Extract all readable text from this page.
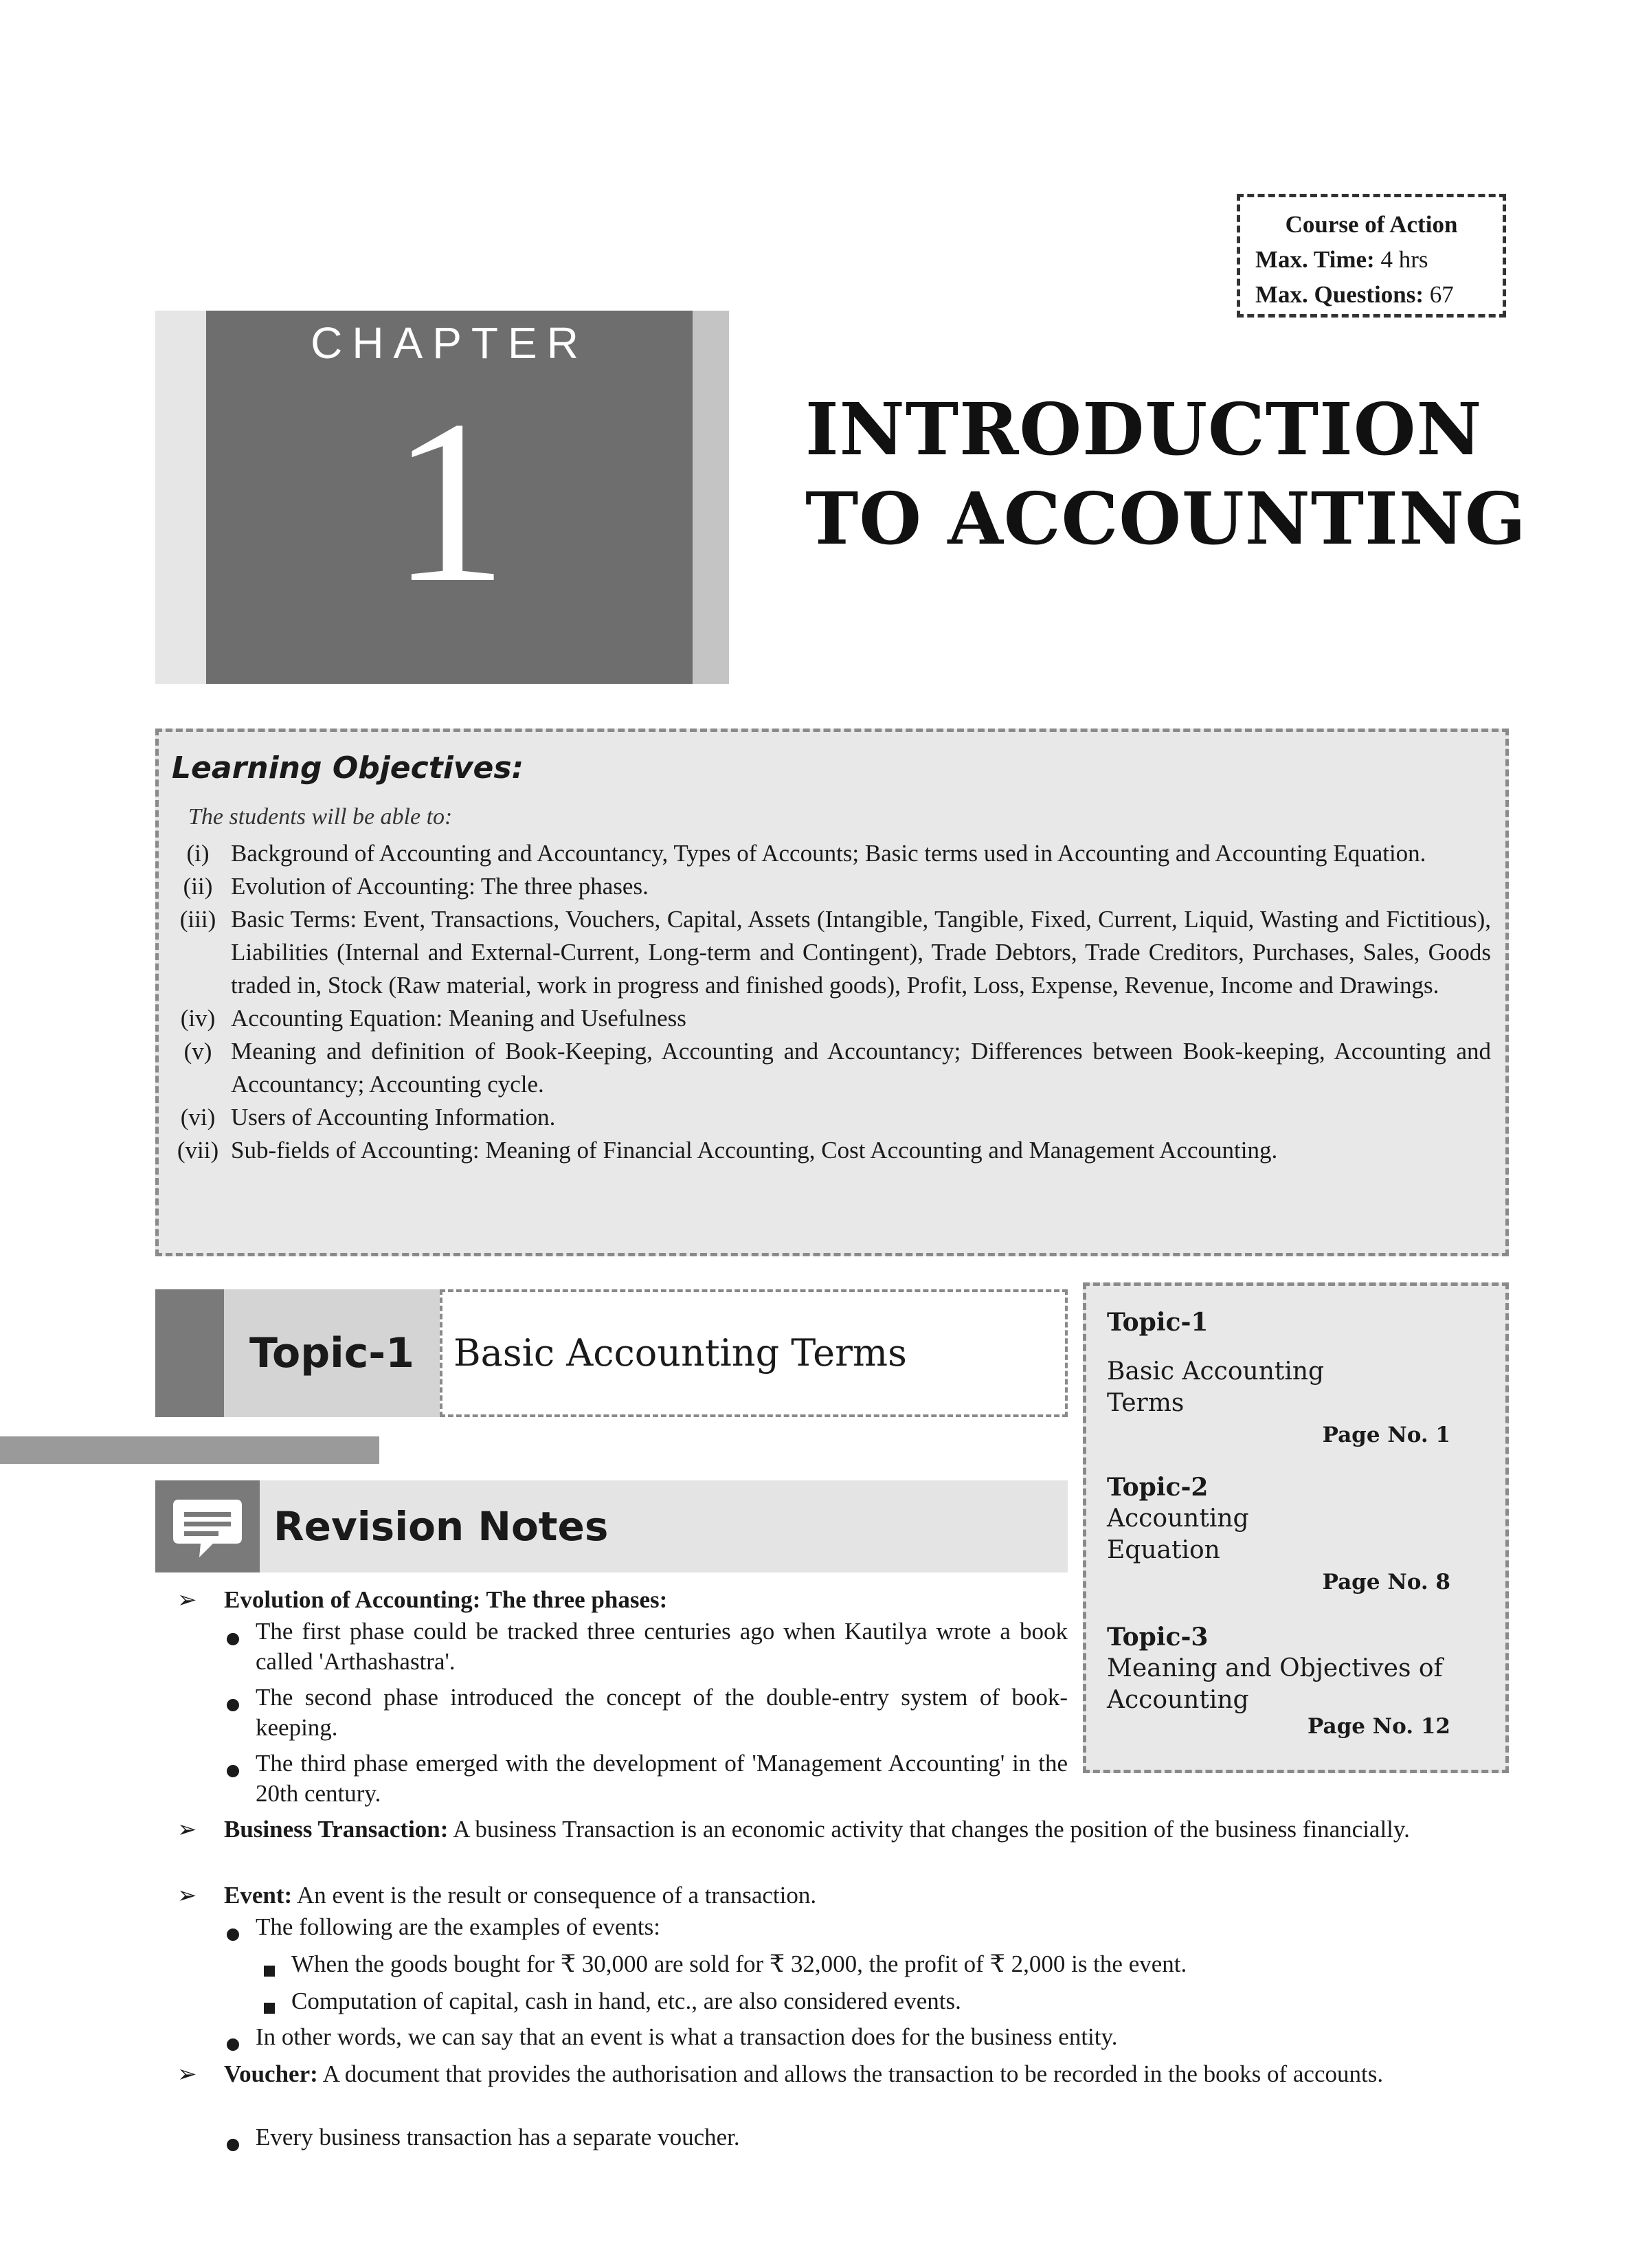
Course of Action
Max. Time: 4 hrs
Max. Questions: 67
CHAPTER
1	INTRODUCTION
TO ACCOUNTING
Learning Objectives:
The students will be able to:
(i) Background of Accounting and Accountancy, Types of Accounts; Basic terms used in Accounting and Accounting Equation.
(ii) Evolution of Accounting: The three phases.
(iii) Basic Terms: Event, Transactions, Vouchers, Capital, Assets (Intangible, Tangible, Fixed, Current, Liquid, Wasting and Fictitious), Liabilities (Internal and External-Current, Long-term and Contingent), Trade Debtors, Trade Creditors, Purchases, Sales, Goods traded in, Stock (Raw material, work in progress and finished goods), Profit, Loss, Expense, Revenue, Income and Drawings.
(iv) Accounting Equation: Meaning and Usefulness
(v) Meaning and definition of Book-Keeping, Accounting and Accountancy; Differences between Book-keeping, Accounting and Accountancy; Accounting cycle.
(vi) Users of Accounting Information.
(vii) Sub-fields of Accounting: Meaning of Financial Accounting, Cost Accounting and Management Accounting.
Topic-1	Basic Accounting Terms
Topic-1
Basic Accounting Terms
Page No. 1
Topic-2
Accounting Equation
Page No. 8
Topic-3
Meaning and Objectives of Accounting
Page No. 12
Revision Notes
➢ Evolution of Accounting: The three phases:
The first phase could be tracked three centuries ago when Kautilya wrote a book called 'Arthashastra'.
The second phase introduced the concept of the double-entry system of book-keeping.
The third phase emerged with the development of 'Management Accounting' in the 20th century.
➢ Business Transaction: A business Transaction is an economic activity that changes the position of the business financially.
➢ Event: An event is the result or consequence of a transaction.
The following are the examples of events:
When the goods bought for ₹ 30,000 are sold for ₹ 32,000, the profit of ₹ 2,000 is the event.
Computation of capital, cash in hand, etc., are also considered events.
In other words, we can say that an event is what a transaction does for the business entity.
➢ Voucher: A document that provides the authorisation and allows the transaction to be recorded in the books of accounts.
Every business transaction has a separate voucher.
